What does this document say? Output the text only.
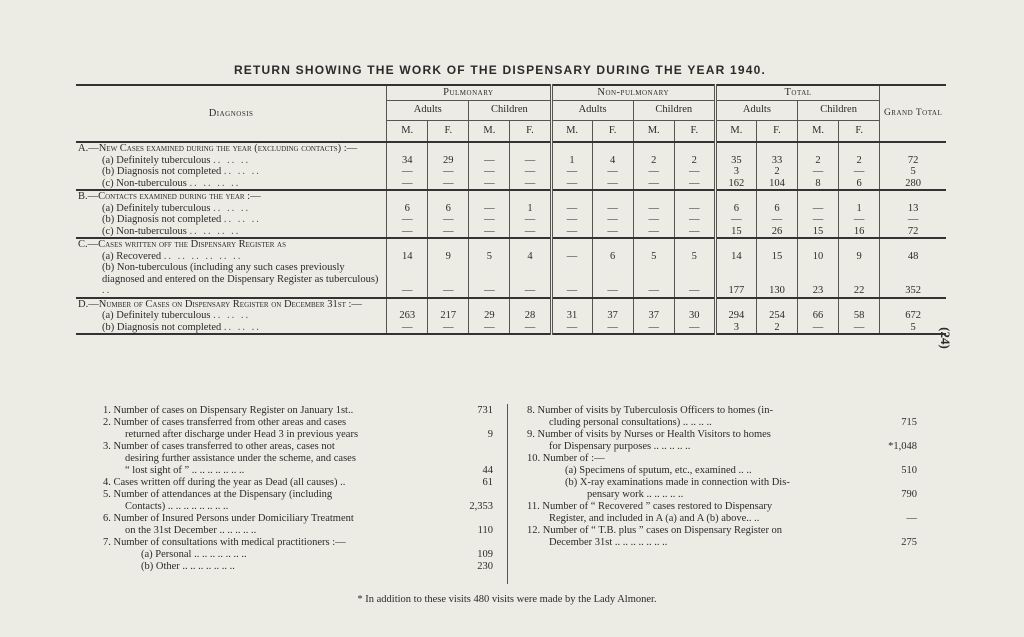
RETURN SHOWING THE WORK OF THE DISPENSARY DURING THE YEAR 1940.
(24)
Diagnosis	Pulmonary				Non-pulmonary				Total				Grand Total
	Adults		Children		Adults		Children		Adults		Children		
	M.	F.	M.	F.	M.	F.	M.	F.	M.	F.	M.	F.	
A.—New Cases examined during the year (excluding contacts) :—													
(a) Definitely tuberculous .. .. ..	34	29	—	—	1	4	2	2	35	33	2	2	72
(b) Diagnosis not completed .. .. ..	—	—	—	—	—	—	—	—	3	2	—	—	5
(c) Non-tuberculous .. .. .. ..	—	—	—	—	—	—	—	—	162	104	8	6	280
B.—Contacts examined during the year :—													
(a) Definitely tuberculous .. .. ..	6	6	—	1	—	—	—	—	6	6	—	1	13
(b) Diagnosis not completed .. .. ..	—	—	—	—	—	—	—	—	—	—	—	—	—
(c) Non-tuberculous .. .. .. ..	—	—	—	—	—	—	—	—	15	26	15	16	72
C.—Cases written off the Dispensary Register as													
(a) Recovered .. .. .. .. .. ..	14	9	5	4	—	6	5	5	14	15	10	9	48
(b) Non-tuberculous (including any such cases previously diagnosed and entered on the Dispensary Register as tuberculous) ..	—	—	—	—	—	—	—	—	177	130	23	22	352
D.—Number of Cases on Dispensary Register on December 31st :—													
(a) Definitely tuberculous .. .. ..	263	217	29	28	31	37	37	30	294	254	66	58	672
(b) Diagnosis not completed .. .. ..	—	—	—	—	—	—	—	—	3	2	—	—	5
1. Number of cases on Dispensary Register on January 1st..	731
2. Number of cases transferred from other areas and cases
returned after discharge under Head 3 in previous years	9
3. Number of cases transferred to other areas, cases not
desiring further assistance under the scheme, and cases
“ lost sight of ” .. .. .. .. .. .. ..	44
4. Cases written off during the year as Dead (all causes) ..	61
5. Number of attendances at the Dispensary (including
Contacts) .. .. .. .. .. .. .. ..	2,353
6. Number of Insured Persons under Domiciliary Treatment
on the 31st December .. .. .. .. ..	110
7. Number of consultations with medical practitioners :—
(a) Personal .. .. .. .. .. .. ..	109
(b) Other .. .. .. .. .. .. ..	230
8. Number of visits by Tuberculosis Officers to homes (in-
cluding personal consultations) .. .. .. ..	715
9. Number of visits by Nurses or Health Visitors to homes
for Dispensary purposes .. .. .. .. ..	*1,048
10. Number of :—
(a) Specimens of sputum, etc., examined .. ..	510
(b) X-ray examinations made in connection with Dis-
pensary work .. .. .. .. ..	790
11. Number of “ Recovered ” cases restored to Dispensary
Register, and included in A (a) and A (b) above.. ..	—
12. Number of “ T.B. plus ” cases on Dispensary Register on
December 31st .. .. .. .. .. .. ..	275
* In addition to these visits 480 visits were made by the Lady Almoner.
